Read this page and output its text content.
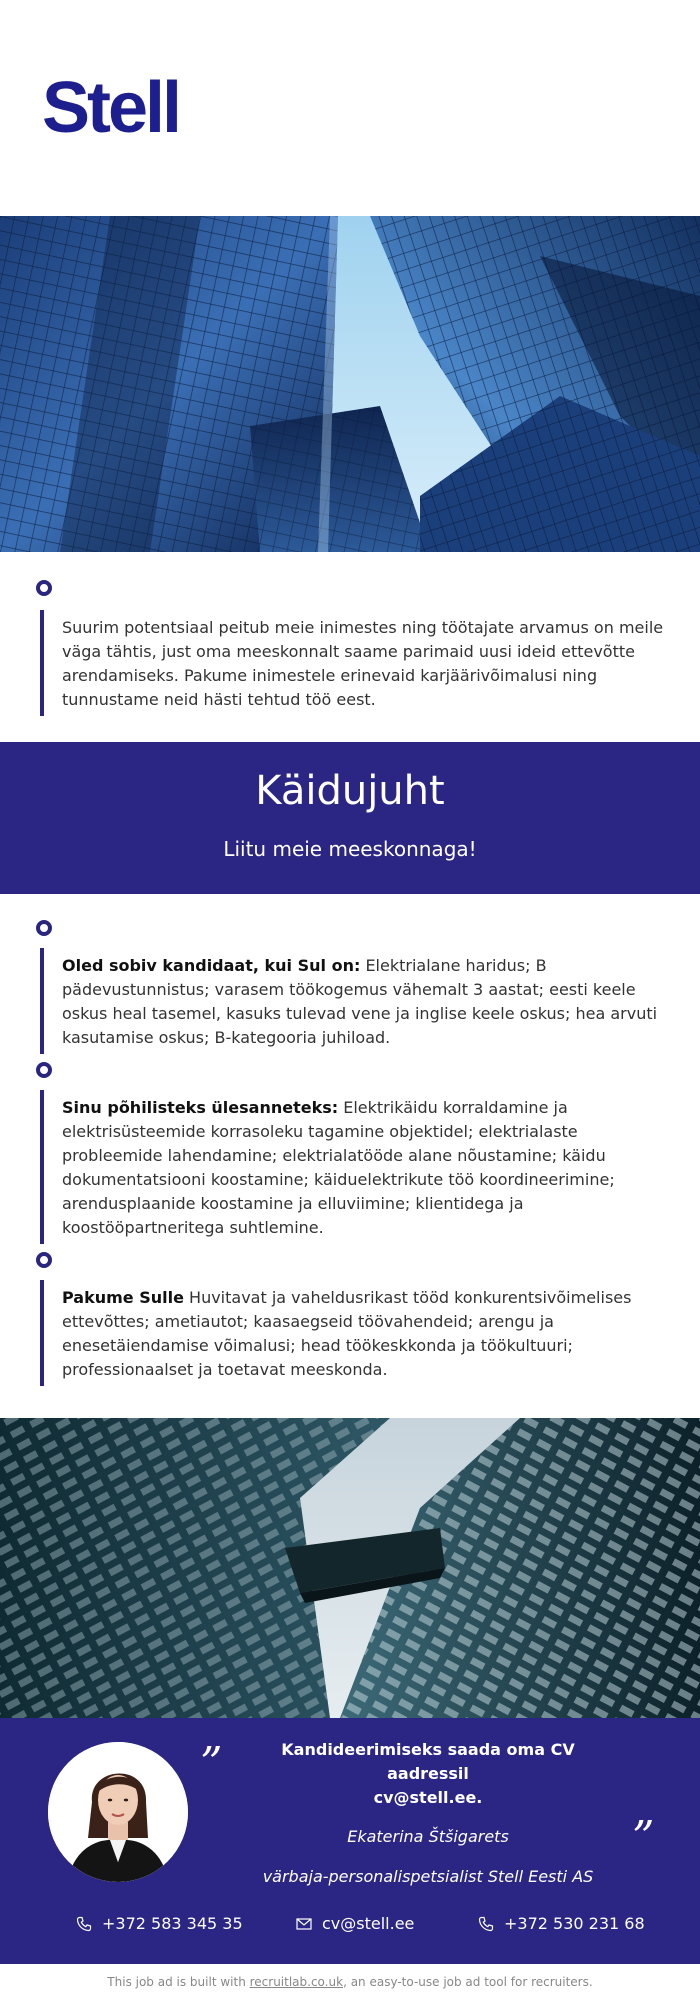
Stell

Suurim potentsiaal peitub meie inimestes ning töötajate arvamus on meile väga tähtis, just oma meeskonnalt saame parimaid uusi ideid ettevõtte arendamiseks. Pakume inimestele erinevaid karjäärivõimalusi ning tunnustame neid hästi tehtud töö eest.

Käidujuht
Liitu meie meeskonnaga!

Oled sobiv kandidaat, kui Sul on: Elektrialane haridus; B pädevustunnistus; varasem töökogemus vähemalt 3 aastat; eesti keele oskus heal tasemel, kasuks tulevad vene ja inglise keele oskus; hea arvuti kasutamise oskus; B-kategooria juhiload.

Sinu põhilisteks ülesanneteks: Elektrikäidu korraldamine ja elektrisüsteemide korrasoleku tagamine objektidel; elektrialaste probleemide lahendamine; elektrialatööde alane nõustamine; käidu dokumentatsiooni koostamine; käiduelektrikute töö koordineerimine; arendusplaanide koostamine ja elluviimine; klientidega ja koostööpartneritega suhtlemine.

Pakume Sulle Huvitavat ja vaheldusrikast tööd konkurentsivõimelises ettevõttes; ametiautot; kaasaegseid töövahendeid; arengu ja enesetäiendamise võimalusi; head töökeskkonda ja töökultuuri; professionaalset ja toetavat meeskonda.

”
”
Kandideerimiseks saada oma CV aadressil
cv@stell.ee.
Ekaterina Štšigarets
värbaja-personalispetsialist Stell Eesti AS
+372 583 345 35	cv@stell.ee	+372 530 231 68
This job ad is built with recruitlab.co.uk, an easy-to-use job ad tool for recruiters.
